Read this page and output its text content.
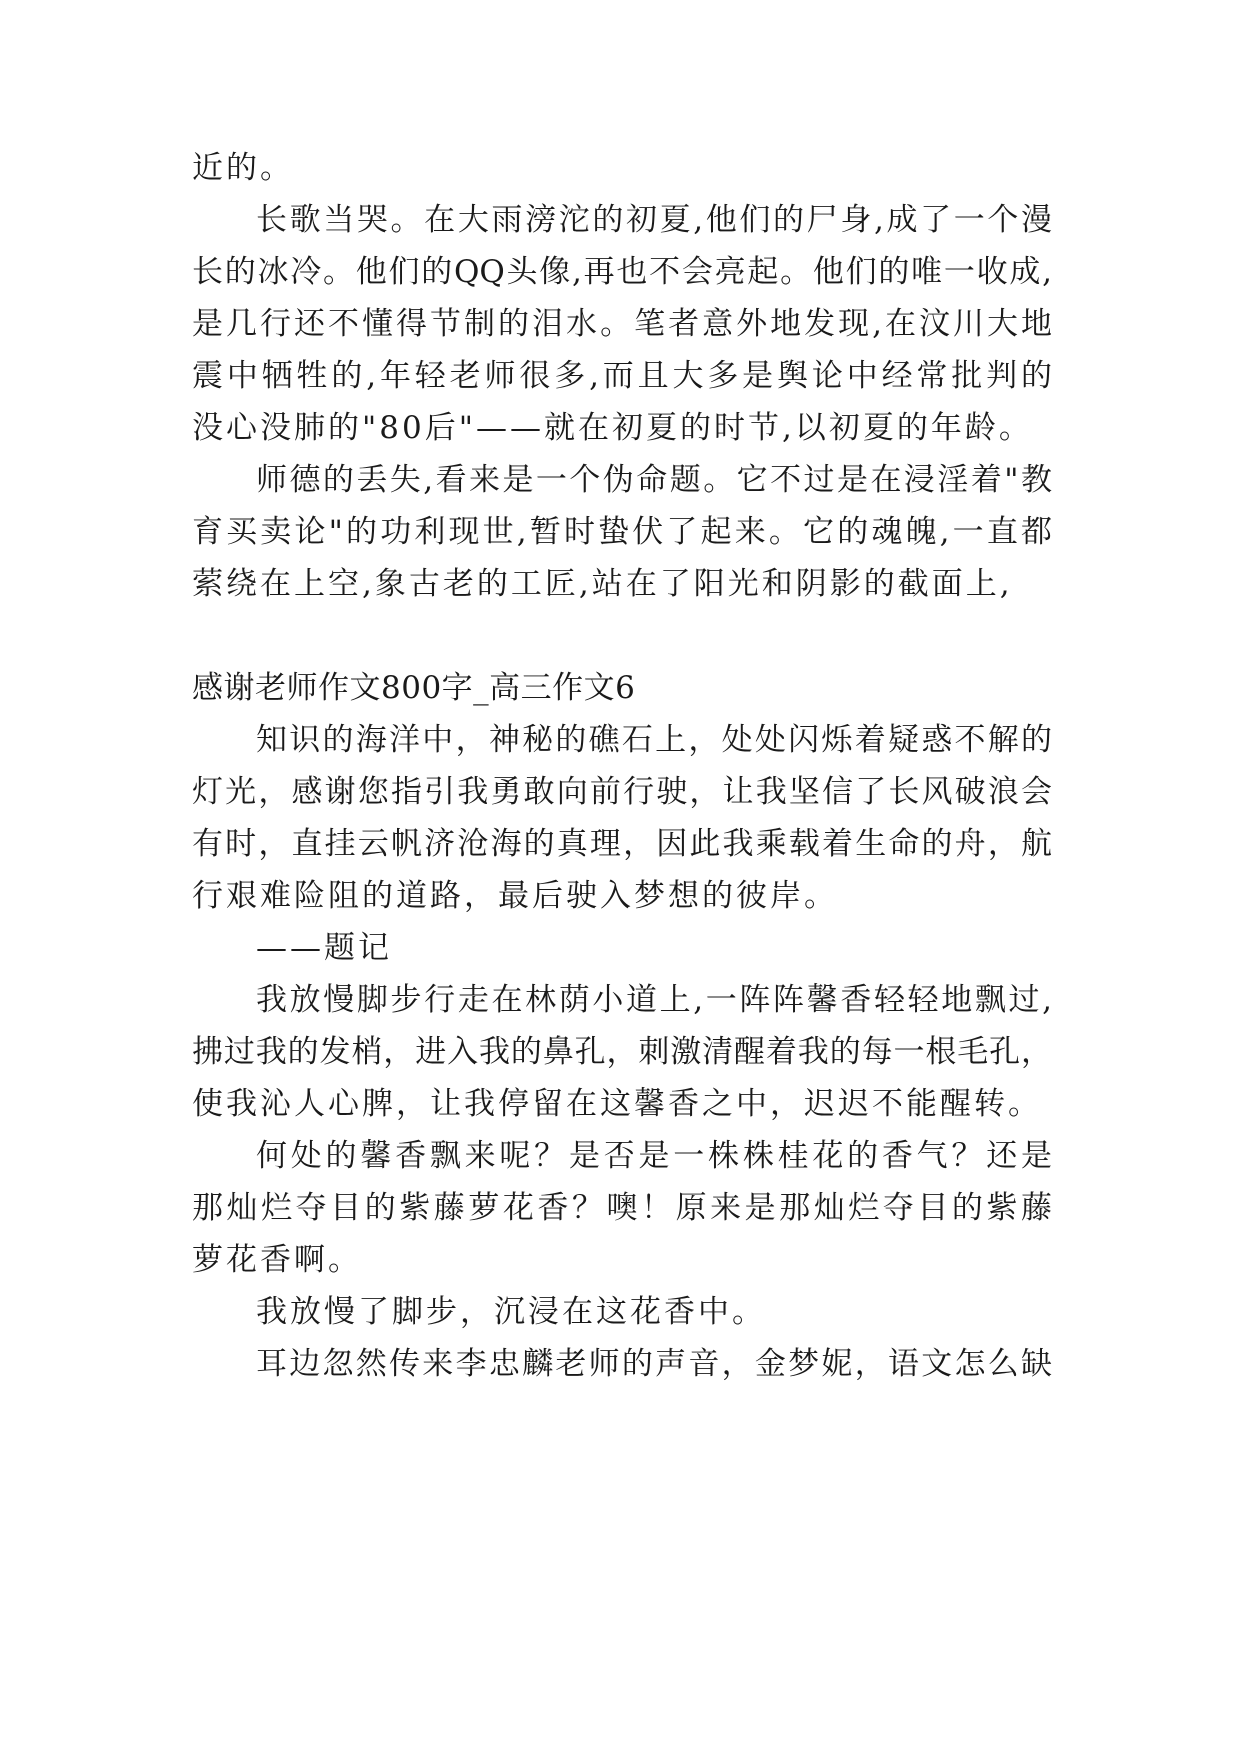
近的。
长歌当哭。在大雨滂沱的初夏,他们的尸身,成了一个漫
长的冰冷。他们的QQ头像,再也不会亮起。他们的唯一收成,
是几行还不懂得节制的泪水。笔者意外地发现,在汶川大地
震中牺牲的,年轻老师很多,而且大多是舆论中经常批判的
没心没肺的"80后"——就在初夏的时节,以初夏的年龄。
师德的丢失,看来是一个伪命题。它不过是在浸淫着"教
育买卖论"的功利现世,暂时蛰伏了起来。它的魂魄,一直都
萦绕在上空,象古老的工匠,站在了阳光和阴影的截面上,
感谢老师作文800字_高三作文6
知识的海洋中，神秘的礁石上，处处闪烁着疑惑不解的
灯光，感谢您指引我勇敢向前行驶，让我坚信了长风破浪会
有时，直挂云帆济沧海的真理，因此我乘载着生命的舟，航
行艰难险阻的道路，最后驶入梦想的彼岸。
——题记
我放慢脚步行走在林荫小道上,一阵阵馨香轻轻地飘过,
拂过我的发梢，进入我的鼻孔，刺激清醒着我的每一根毛孔，
使我沁人心脾，让我停留在这馨香之中，迟迟不能醒转。
何处的馨香飘来呢？是否是一株株桂花的香气？还是
那灿烂夺目的紫藤萝花香？噢！原来是那灿烂夺目的紫藤
萝花香啊。
我放慢了脚步，沉浸在这花香中。
耳边忽然传来李忠麟老师的声音，金梦妮，语文怎么缺
